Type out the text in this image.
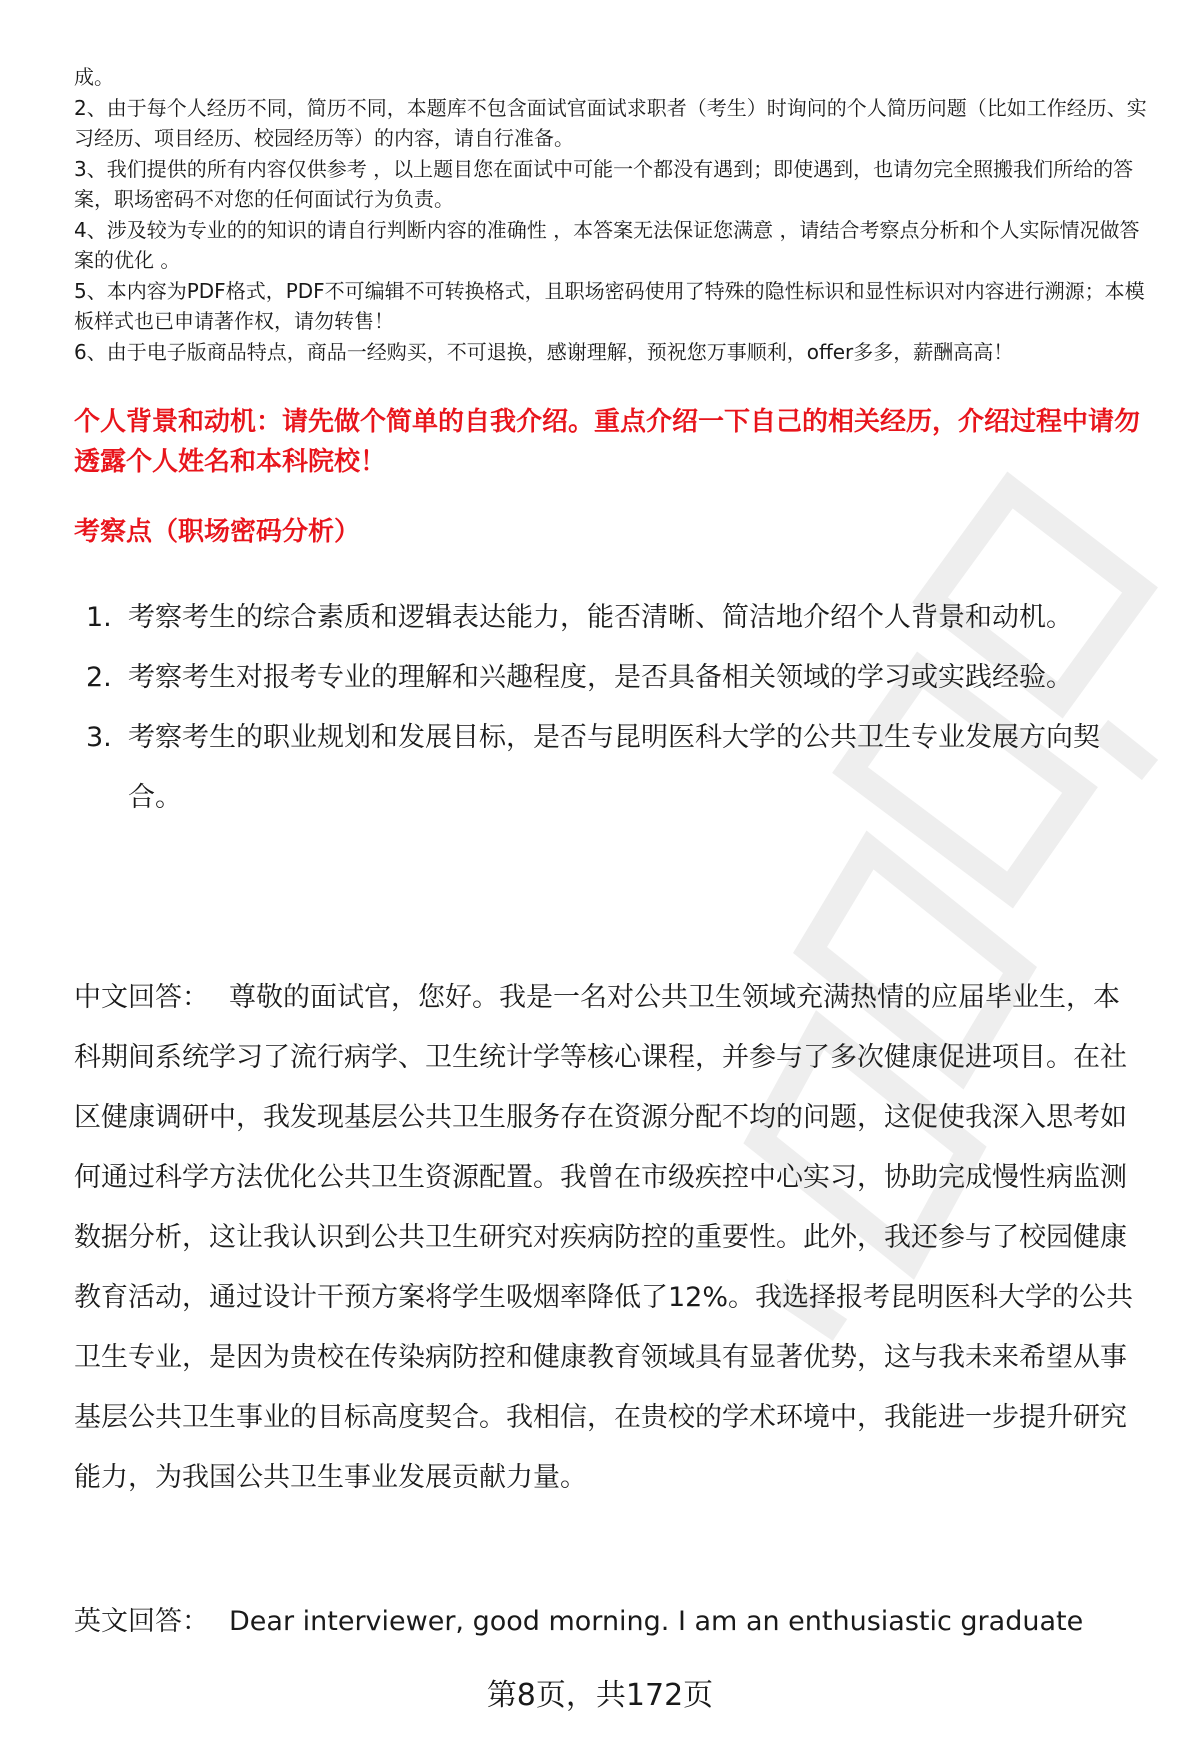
成。

2、由于每个人经历不同，简历不同，本题库不包含面试官面试求职者（考生）时询问的个人简历问题（比如工作经历、实习经历、项目经历、校园经历等）的内容，请自行准备。

3、我们提供的所有内容仅供参考 ，以上题目您在面试中可能一个都没有遇到；即使遇到，也请勿完全照搬我们所给的答案，职场密码不对您的任何面试行为负责。

4、涉及较为专业的的知识的请自行判断内容的准确性 ，本答案无法保证您满意 ，请结合考察点分析和个人实际情况做答案的优化 。

5、本内容为PDF格式，PDF不可编辑不可转换格式，且职场密码使用了特殊的隐性标识和显性标识对内容进行溯源；本模板样式也已申请著作权，请勿转售！

6、由于电子版商品特点，商品一经购买，不可退换，感谢理解，预祝您万事顺利，offer多多，薪酬高高！

个人背景和动机：请先做个简单的自我介绍。重点介绍一下自己的相关经历，介绍过程中请勿透露个人姓名和本科院校！
考察点（职场密码分析）
1. 考察考生的综合素质和逻辑表达能力，能否清晰、简洁地介绍个人背景和动机。
2. 考察考生对报考专业的理解和兴趣程度，是否具备相关领域的学习或实践经验。
3. 考察考生的职业规划和发展目标，是否与昆明医科大学的公共卫生专业发展方向契合。

中文回答： 尊敬的面试官，您好。我是一名对公共卫生领域充满热情的应届毕业生，本科期间系统学习了流行病学、卫生统计学等核心课程，并参与了多次健康促进项目。在社区健康调研中，我发现基层公共卫生服务存在资源分配不均的问题，这促使我深入思考如何通过科学方法优化公共卫生资源配置。我曾在市级疾控中心实习，协助完成慢性病监测数据分析，这让我认识到公共卫生研究对疾病防控的重要性。此外，我还参与了校园健康教育活动，通过设计干预方案将学生吸烟率降低了12%。我选择报考昆明医科大学的公共卫生专业，是因为贵校在传染病防控和健康教育领域具有显著优势，这与我未来希望从事基层公共卫生事业的目标高度契合。我相信，在贵校的学术环境中，我能进一步提升研究能力，为我国公共卫生事业发展贡献力量。

英文回答： Dear interviewer, good morning. I am an enthusiastic graduate

第8页，共172页
